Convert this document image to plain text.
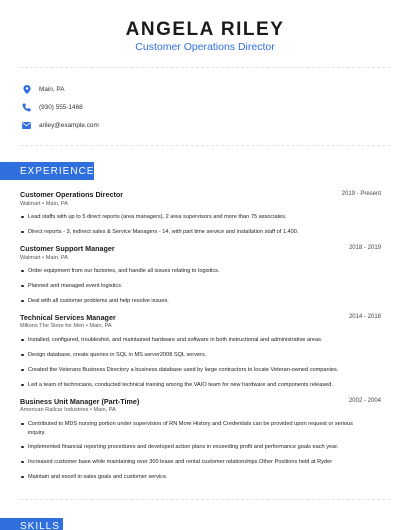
ANGELA RILEY
Customer Operations Director
Main, PA
(930) 555-1468
ariley@example.com
EXPERIENCE
Customer Operations Director	2019 - Present
Walmart • Main, PA
Lead staffs with up to 5 direct reports (area managers), 2 area supervisors and more than 75 associates.
Direct reports - 3, indirect sales & Service Managers - 14, with part time service and installation staff of 1,400.
Customer Support Manager	2018 - 2019
Walmart • Main, PA
Order equipment from our factories, and handle all issues relating to logistics.
Planned and managed event logistics.
Deal with all customer problems and help resolve issues.
Technical Services Manager	2014 - 2018
Miltons The Store for Men • Main, PA
Installed, configured, troubleshot, and maintained hardware and software in both instructional and administrative areas.
Design database, create queries in SQL in MS server2008 SQL servers.
Created the Veterans Business Directory a business database used by large contractors to locate Veteran-owned companies.
Led a team of technicians, conducted technical training among the VAIO team for new hardware and components released.
Business Unit Manager (Part-Time)	2002 - 2004
American Railcar Industries • Main, PA
Contributed to MDS nursing portion under supervision of RN More History and Credentials can be provided upon request or serious inquiry.
Implemented financial reporting procedures and developed action plans in exceeding profit and performance goals each year.
Increased customer base while maintaining over 300 lease and rental customer relationships.Other Positions held at Ryder
Maintain and excell in sales goals and customer service.
SKILLS
